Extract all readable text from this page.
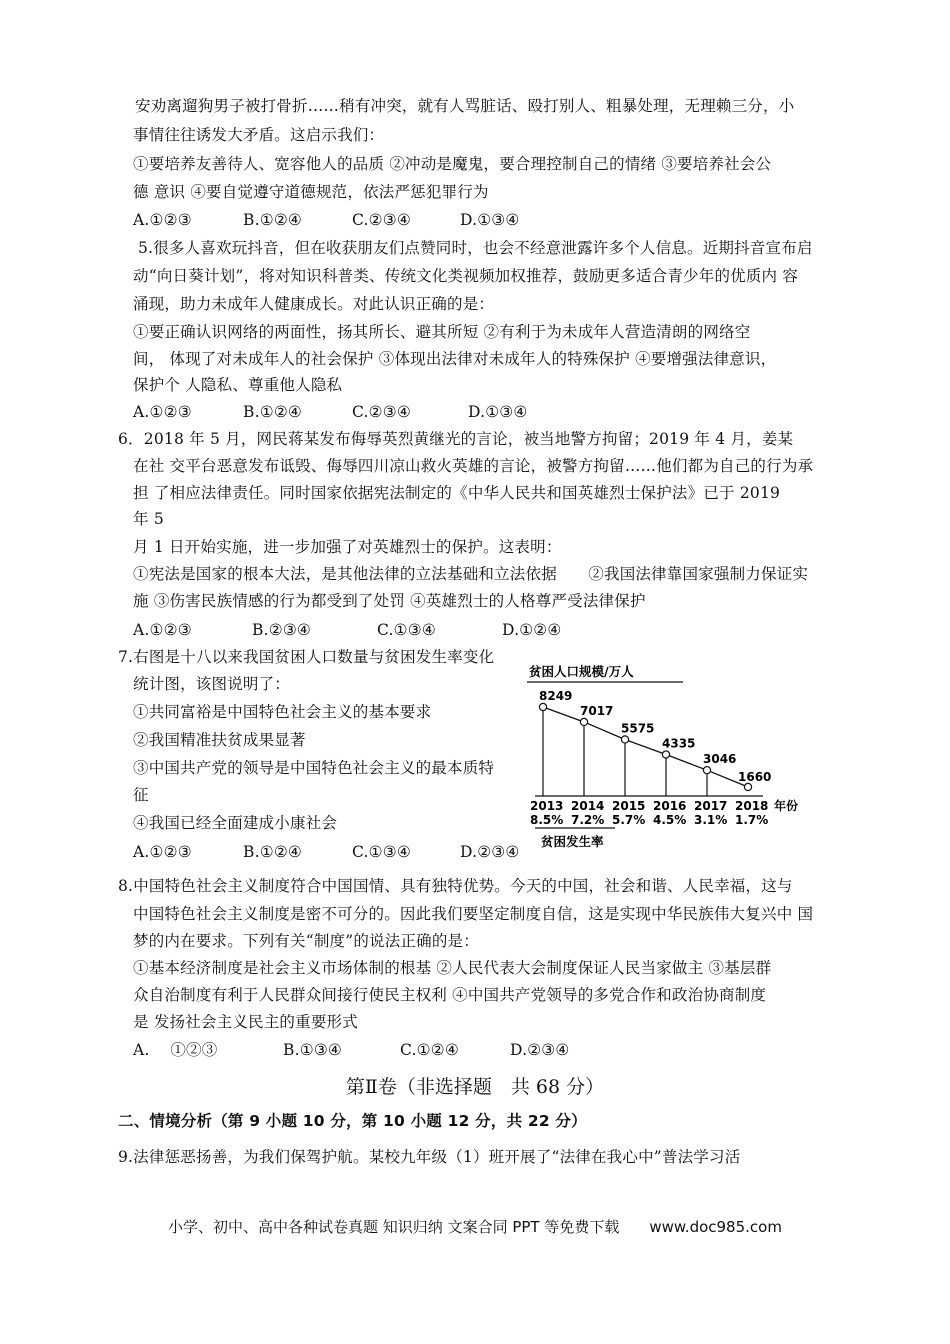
安劝离遛狗男子被打骨折……稍有冲突，就有人骂脏话、殴打别人、粗暴处理，无理赖三分，小
事情往往诱发大矛盾。这启示我们：
①要培养友善待人、宽容他人的品质 ②冲动是魔鬼，要合理控制自己的情绪 ③要培养社会公
德 意识 ④要自觉遵守道德规范，依法严惩犯罪行为
A.①②③	B.①②④	C.②③④	D.①③④
5.很多人喜欢玩抖音，但在收获朋友们点赞同时，也会不经意泄露许多个人信息。近期抖音宣布启
动“向日葵计划”，将对知识科普类、传统文化类视频加权推荐，鼓励更多适合青少年的优质内 容
涌现，助力未成年人健康成长。对此认识正确的是：
①要正确认识网络的两面性，扬其所长、避其所短 ②有利于为未成年人营造清朗的网络空
间， 体现了对未成年人的社会保护 ③体现出法律对未成年人的特殊保护 ④要增强法律意识，
保护个 人隐私、尊重他人隐私
A.①②③	B.①②④	C.②③④	D.①③④
6．2018 年 5 月，网民蒋某发布侮辱英烈黄继光的言论，被当地警方拘留；2019 年 4 月，姜某
在社 交平台恶意发布诋毁、侮辱四川凉山救火英雄的言论，被警方拘留……他们都为自己的行为承
担 了相应法律责任。同时国家依据宪法制定的《中华人民共和国英雄烈士保护法》已于 2019
年 5
月 1 日开始实施，进一步加强了对英雄烈士的保护。这表明：
①宪法是国家的根本大法，是其他法律的立法基础和立法依据　　②我国法律靠国家强制力保证实
施 ③伤害民族情感的行为都受到了处罚 ④英雄烈士的人格尊严受法律保护
A.①②③	B.②③④	C.①③④	D.①②④
7.右图是十八以来我国贫困人口数量与贫困发生率变化
统计图，该图说明了：
①共同富裕是中国特色社会主义的基本要求
②我国精准扶贫成果显著
③中国共产党的领导是中国特色社会主义的最本质特
征
④我国已经全面建成小康社会
A.①②③	B.①②④	C.①③④	D.②③④
贫困人口规模/万人
年份
贫困发生率
8249
2013
8.5%
7017
2014
7.2%
5575
2015
5.7%
4335
2016
4.5%
3046
2017
3.1%
1660
2018
1.7%
8.中国特色社会主义制度符合中国国情、具有独特优势。今天的中国，社会和谐、人民幸福，这与
中国特色社会主义制度是密不可分的。因此我们要坚定制度自信，这是实现中华民族伟大复兴中 国
梦的内在要求。下列有关“制度”的说法正确的是：
①基本经济制度是社会主义市场体制的根基 ②人民代表大会制度保证人民当家做主 ③基层群
众自治制度有利于人民群众间接行使民主权利 ④中国共产党领导的多党合作和政治协商制度
是 发扬社会主义民主的重要形式
A.　 ①②③	B.①③④	C.①②④	D.②③④
第Ⅱ卷（非选择题　共 68 分）
二、情境分析（第 9 小题 10 分，第 10 小题 12 分，共 22 分）
9.法律惩恶扬善，为我们保驾护航。某校九年级（1）班开展了“法律在我心中”普法学习活
小学、初中、高中各种试卷真题 知识归纳 文案合同 PPT 等免费下载 www.doc985.com
